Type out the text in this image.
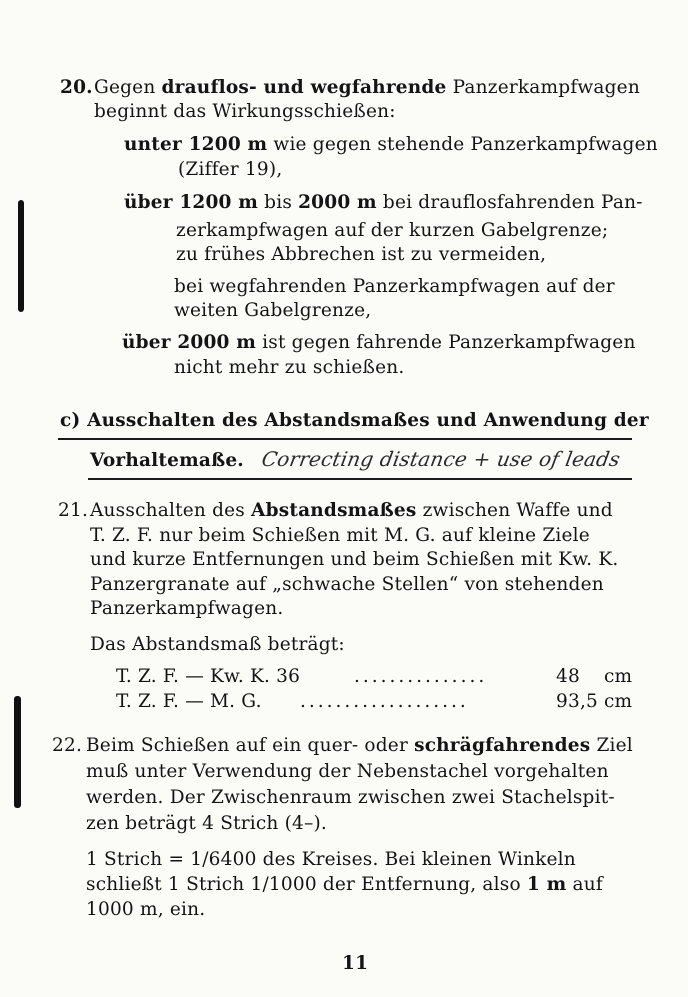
20. Gegen drauflos- und wegfahrende Panzerkampfwagen
beginnt das Wirkungsschießen:
unter 1200 m wie gegen stehende Panzerkampfwagen
(Ziffer 19),
über 1200 m bis 2000 m bei drauflosfahrenden Pan-
zerkampfwagen auf der kurzen Gabelgrenze;
zu frühes Abbrechen ist zu vermeiden,
bei wegfahrenden Panzerkampfwagen auf der
weiten Gabelgrenze,
über 2000 m ist gegen fahrende Panzerkampfwagen
nicht mehr zu schießen.
c) Ausschalten des Abstandsmaßes und Anwendung der
Vorhaltemaße. Correcting distance + use of leads
21. Ausschalten des Abstandsmaßes zwischen Waffe und
T. Z. F. nur beim Schießen mit M. G. auf kleine Ziele
und kurze Entfernungen und beim Schießen mit Kw. K.
Panzergranate auf „schwache Stellen“ von stehenden
Panzerkampfwagen.
Das Abstandsmaß beträgt:
T. Z. F. — Kw. K. 36	...............	48 cm
T. Z. F. — M. G. ...................	93,5 cm
22. Beim Schießen auf ein quer- oder schrägfahrendes Ziel
muß unter Verwendung der Nebenstachel vorgehalten
werden. Der Zwischenraum zwischen zwei Stachelspit-
zen beträgt 4 Strich (4–).
1 Strich = 1/6400 des Kreises. Bei kleinen Winkeln
schließt 1 Strich 1/1000 der Entfernung, also 1 m auf
1000 m, ein.
11
